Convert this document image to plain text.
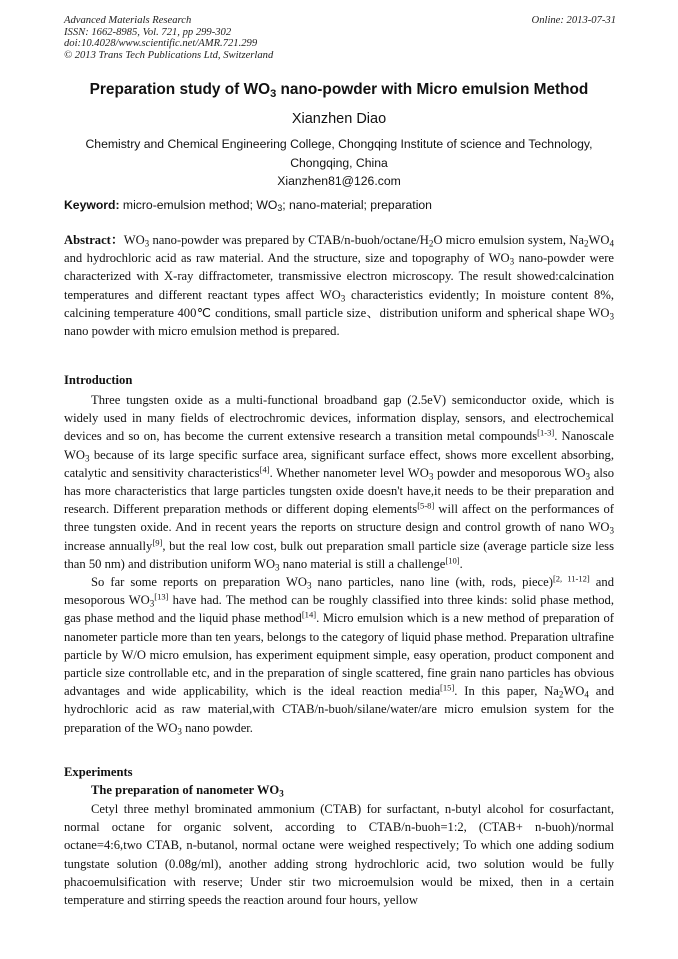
Advanced Materials Research
ISSN: 1662-8985, Vol. 721, pp 299-302
doi:10.4028/www.scientific.net/AMR.721.299
© 2013 Trans Tech Publications Ltd, Switzerland
Online: 2013-07-31
Preparation study of $WO_3$ nano-powder with Micro emulsion Method
Xianzhen Diao
Chemistry and Chemical Engineering College, Chongqing Institute of science and Technology,
Chongqing, China
Xianzhen81@126.com
Keyword: micro-emulsion method; $WO_3$; nano-material; preparation

Abstract：$WO_3$ nano-powder was prepared by CTAB/$n-buoh/octane/H_2O$ micro emulsion system, $Na_2WO_4$ and hydrochloric acid as raw material. And the structure, size and topography of $WO_3$ nano-powder were characterized with X-ray diffractometer, transmissive electron microscopy. The result showed:calcination temperatures and different reactant types affect $WO_3$ characteristics evidently; In moisture content 8%, calcining temperature 400℃ conditions, small particle size、distribution uniform and spherical shape $WO_3$ nano powder with micro emulsion method is prepared.

Introduction

Three tungsten oxide as a multi-functional broadband gap (2.5eV) semiconductor oxide, which is widely used in many fields of electrochromic devices, information display, sensors, and electrochemical devices and so on, has become the current extensive research a transition metal compounds[1-3]. Nanoscale $WO_3$ because of its large specific surface area, significant surface effect, shows more excellent absorbing, catalytic and sensitivity characteristics[4]. Whether nanometer level $WO_3$ powder and mesoporous $WO_3$ also has more characteristics that large particles tungsten oxide doesn't have,it needs to be their preparation and research. Different preparation methods or different doping elements[5-8] will affect on the performances of three tungsten oxide. And in recent years the reports on structure design and control growth of nano $WO_3$ increase annually[9], but the real low cost, bulk out preparation small particle size (average particle size less than 50 nm) and distribution uniform $WO_3$ nano material is still a challenge[10].

So far some reports on preparation $WO_3$ nano particles, nano line (with, rods, piece)[2, 11-12] and mesoporous $WO_3[13]$ have had. The method can be roughly classified into three kinds: solid phase method, gas phase method and the liquid phase method[14]. Micro emulsion which is a new method of preparation of nanometer particle more than ten years, belongs to the category of liquid phase method. Preparation ultrafine particle by W/O micro emulsion, has experiment equipment simple, easy operation, product component and particle size controllable etc, and in the preparation of single scattered, fine grain nano particles has obvious advantages and wide applicability, which is the ideal reaction media[15]. In this paper, $Na_2WO_4$ and hydrochloric acid as raw material,with CTAB/n-buoh/silane/water/are micro emulsion system for the preparation of the $WO_3$ nano powder.

Experiments
The preparation of nanometer $WO_3$

Cetyl three methyl brominated ammonium (CTAB) for surfactant, n-butyl alcohol for cosurfactant, normal octane for organic solvent, according to CTAB/n-buoh=1:2, (CTAB+ n-buoh)/normal octane=4:6,two CTAB, n-butanol, normal octane were weighed respectively; To which one adding sodium tungstate solution (0.08g/ml), another adding strong hydrochloric acid, two solution would be fully phacoemulsification with reserve; Under stir two microemulsion would be mixed, then in a certain temperature and stirring speeds the reaction around four hours, yellow
